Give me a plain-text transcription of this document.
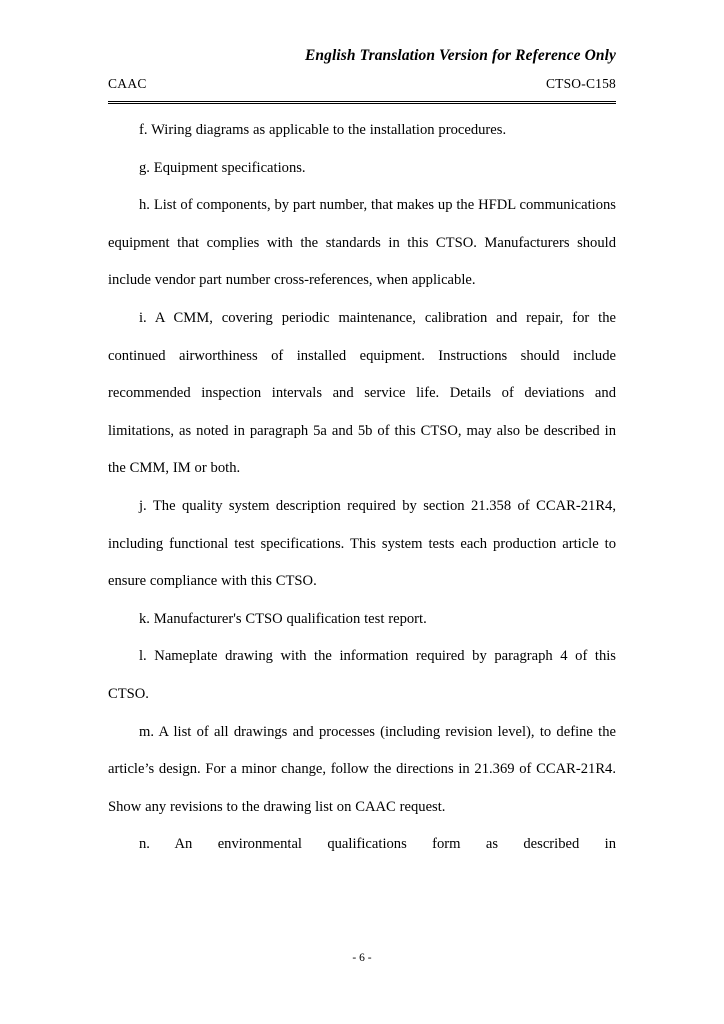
English Translation Version for Reference Only
CAAC	CTSO-C158

f. Wiring diagrams as applicable to the installation procedures.

g. Equipment specifications.

h. List of components, by part number, that makes up the HFDL communications equipment that complies with the standards in this CTSO. Manufacturers should include vendor part number cross-references, when applicable.

i. A CMM, covering periodic maintenance, calibration and repair, for the continued airworthiness of installed equipment. Instructions should include recommended inspection intervals and service life. Details of deviations and limitations, as noted in paragraph 5a and 5b of this CTSO, may also be described in the CMM, IM or both.

j. The quality system description required by section 21.358 of CCAR-21R4, including functional test specifications. This system tests each production article to ensure compliance with this CTSO.

k. Manufacturer's CTSO qualification test report.

l. Nameplate drawing with the information required by paragraph 4 of this CTSO.

m. A list of all drawings and processes (including revision level), to define the article’s design. For a minor change, follow the directions in 21.369 of CCAR-21R4. Show any revisions to the drawing list on CAAC request.

n. An environmental qualifications form as described in

- 6 -
